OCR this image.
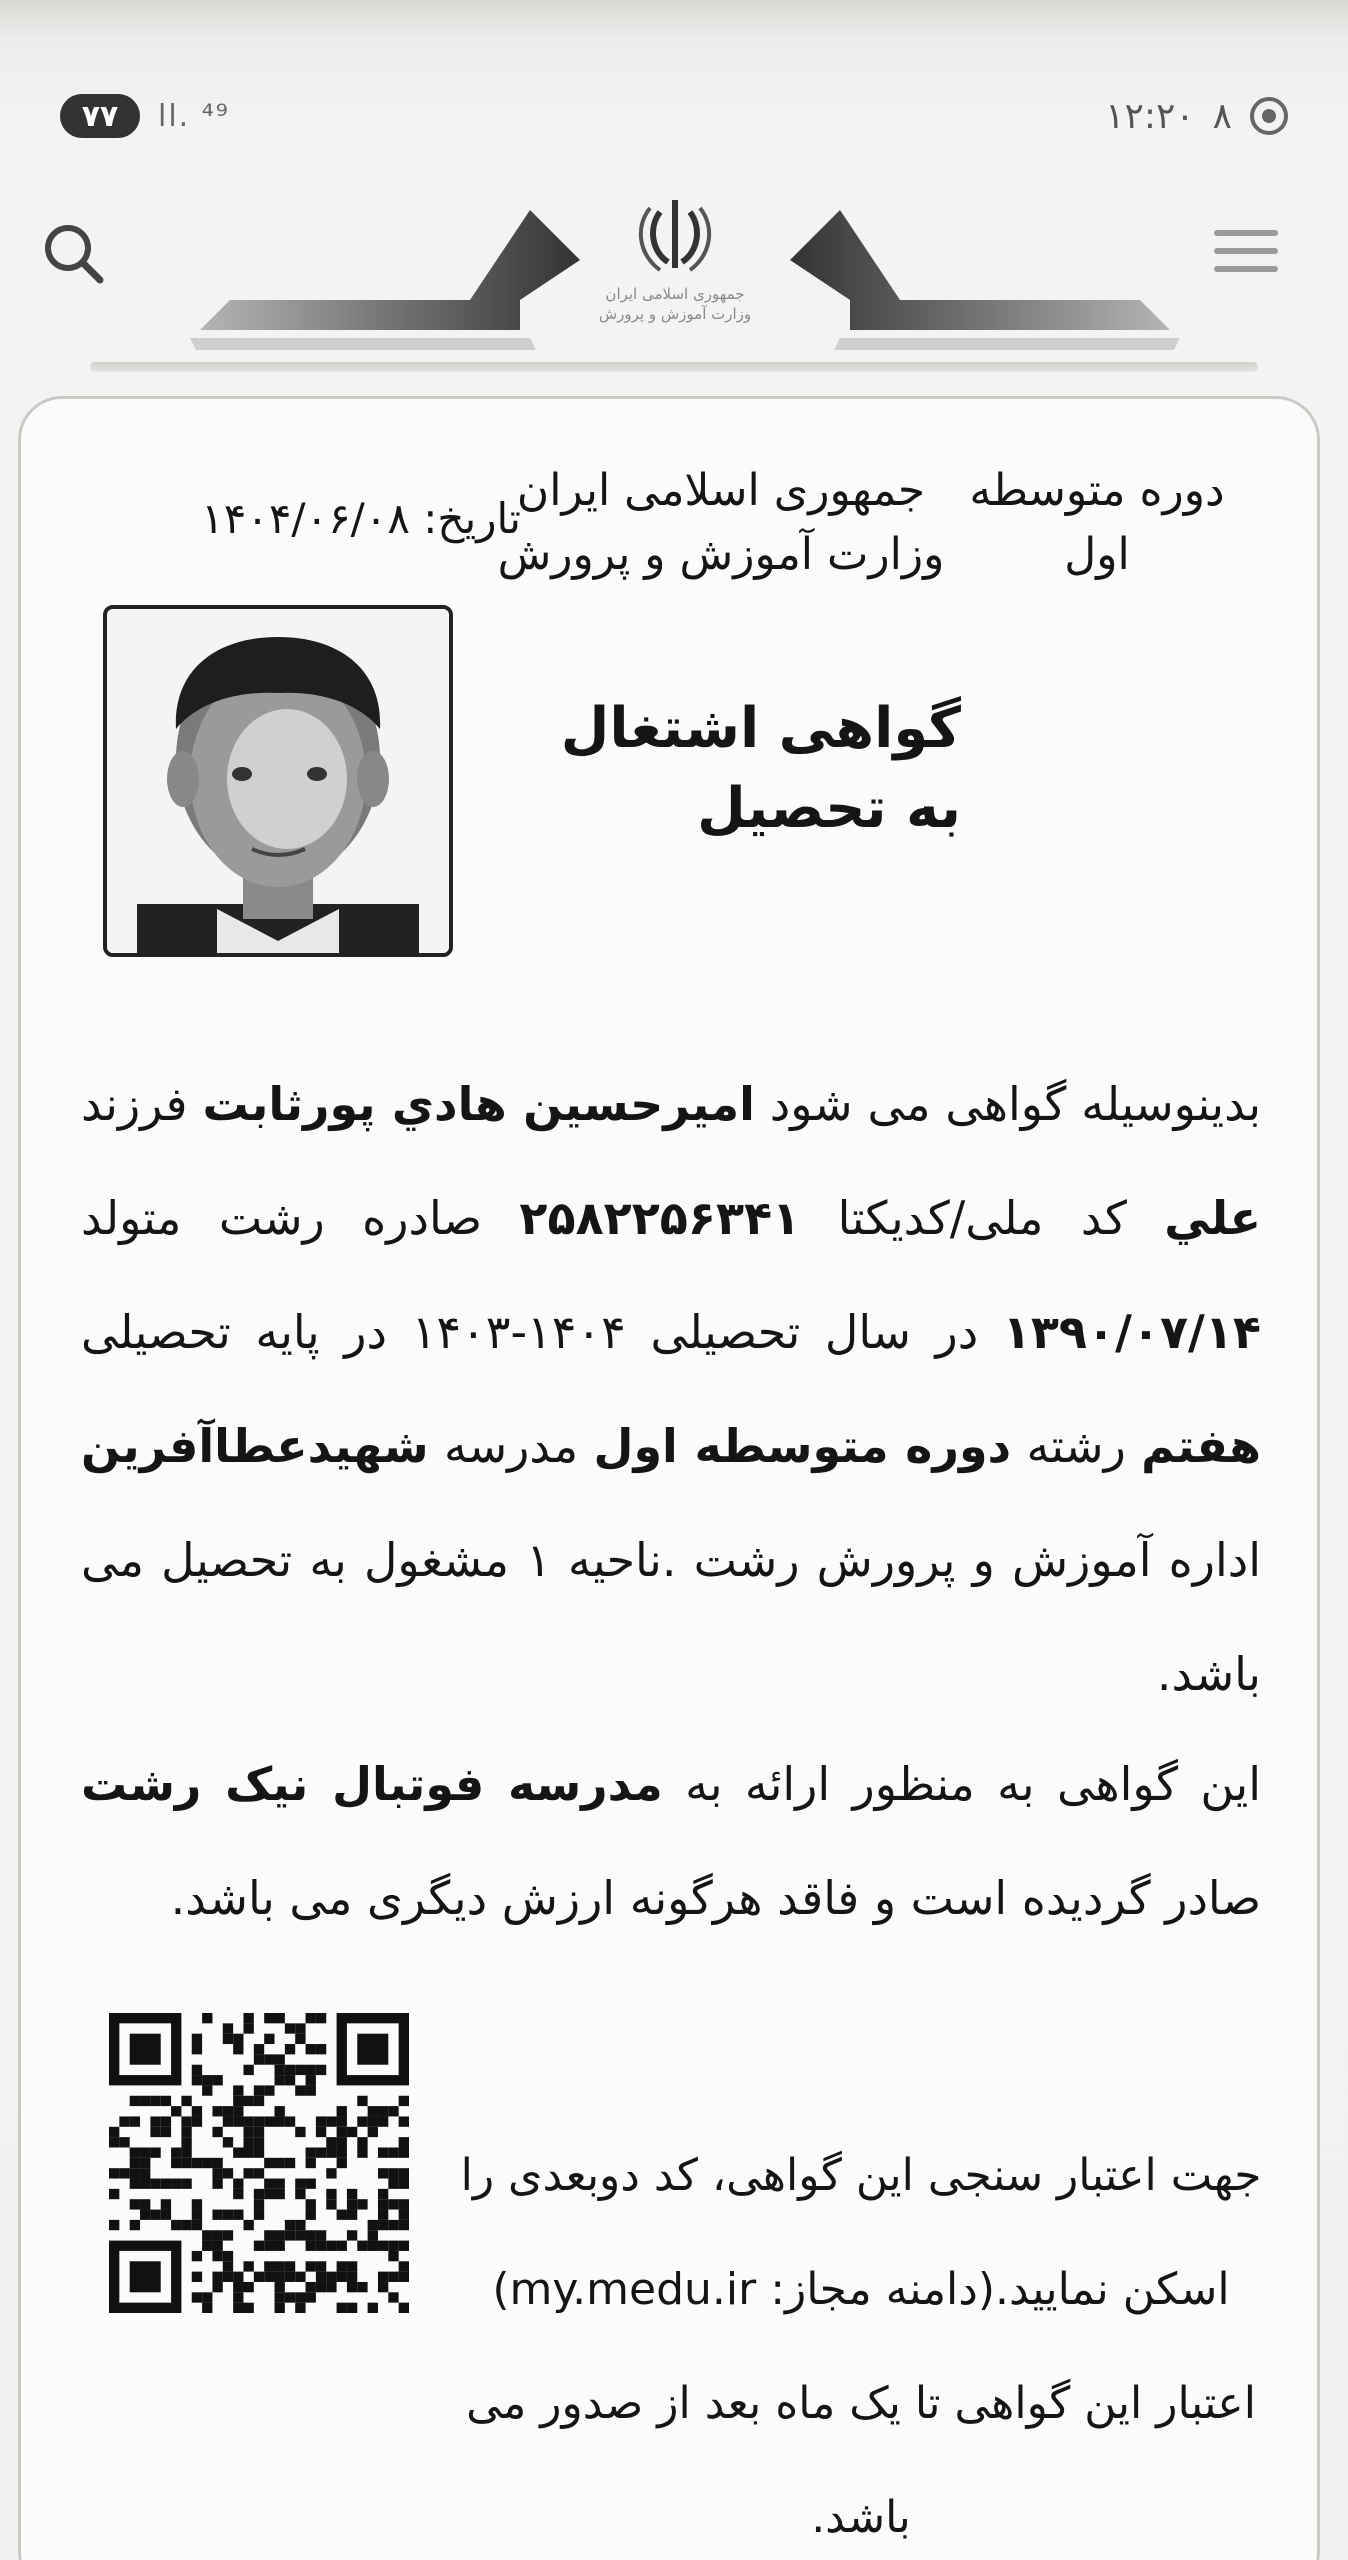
۷۷	ll. ⁴⁹	۱۲:۲۰ ۸
جمهوری اسلامی ایران
وزارت آموزش و پرورش
دوره متوسطه اول
جمهوری اسلامی ایران
وزارت آموزش و پرورش
تاریخ: ۱۴۰۴/۰۶/۰۸
گواهی اشتغال به تحصیل
بدینوسیله گواهی می شود امیرحسین هادي پورثابت فرزند علي کد ملی/کدیکتا ۲۵۸۲۲۵۶۳۴۱ صادره رشت متولد ۱۳۹۰/۰۷/۱۴ در سال تحصیلی ۱۴۰۴-۱۴۰۳ در پایه تحصیلی هفتم رشته دوره متوسطه اول مدرسه شهیدعطاآفرین اداره آموزش و پرورش رشت .ناحیه ۱ مشغول به تحصیل می باشد.
این گواهی به منظور ارائه به مدرسه فوتبال نیک رشت صادر گردیده است و فاقد هرگونه ارزش دیگری می باشد.
جهت اعتبار سنجی این گواهی، کد دوبعدی را اسکن نمایید.(دامنه مجاز: my.medu.ir) اعتبار این گواهی تا یک ماه بعد از صدور می باشد.
